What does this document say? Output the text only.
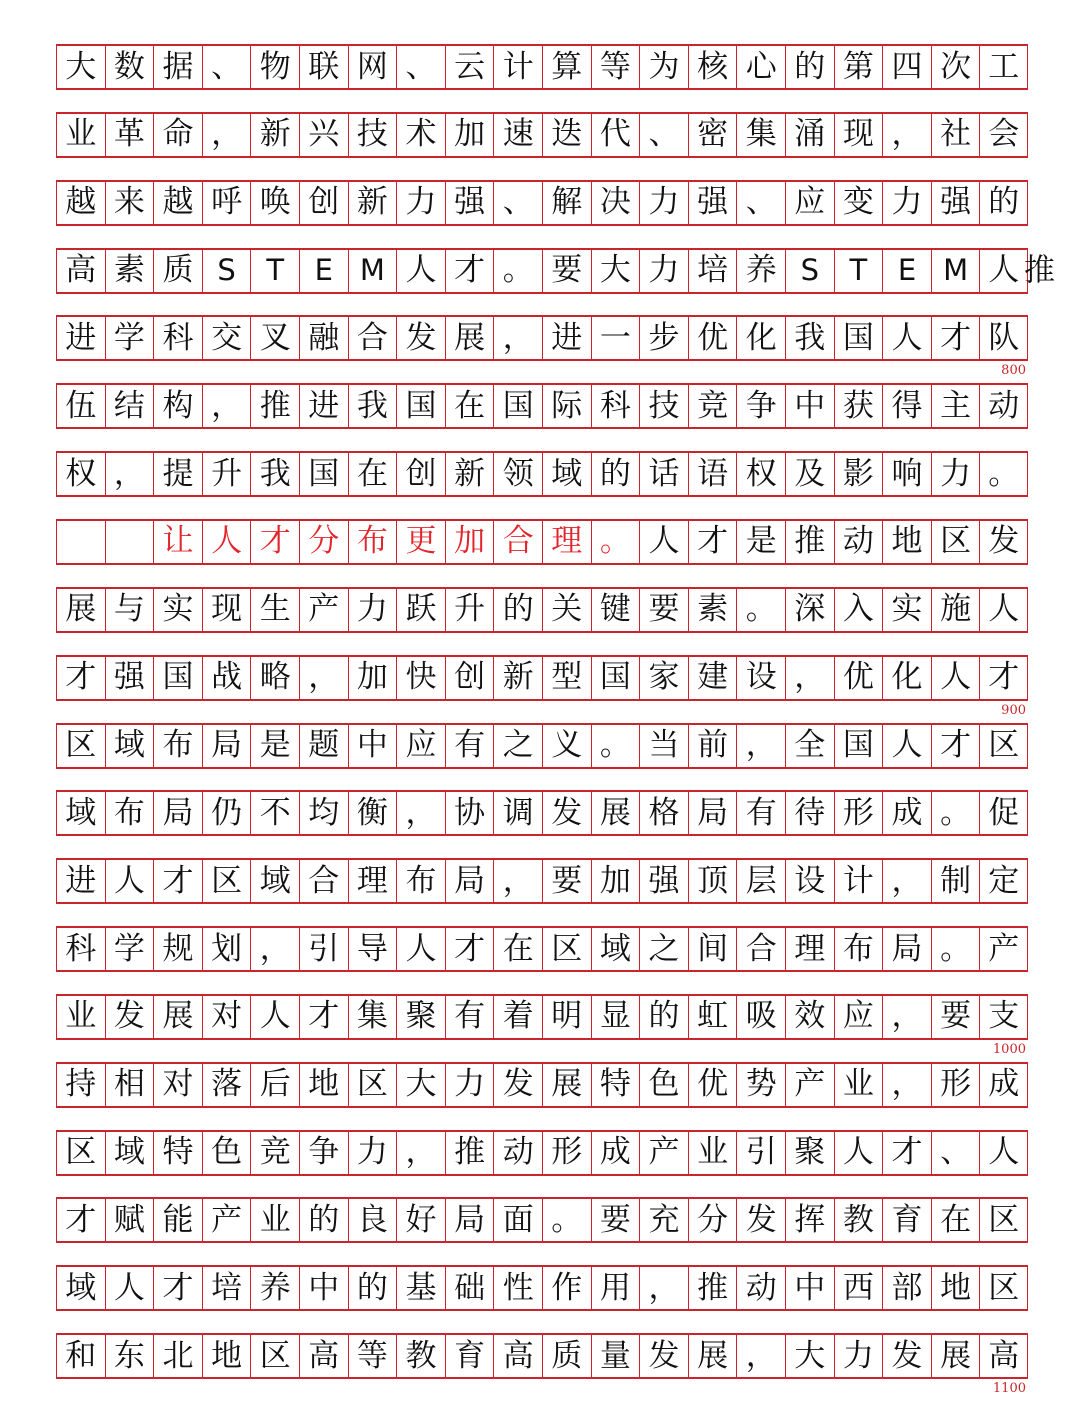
大 数 据 、 物 联 网 、 云 计 算 等 为 核 心 的 第 四 次 工
业 革 命 ， 新 兴 技 术 加 速 迭 代 、 密 集 涌 现 ， 社 会
越 来 越 呼 唤 创 新 力 强 、 解 决 力 强 、 应 变 力 强 的
高 素 质 S	T	E M 人 才 。 要 大 力 培 养 S	T	E M 人 推
进 学 科 交 叉 融 合 发 展 ， 进 一 步 优 化 我 国 人 才 队
800
伍 结 构 ， 推 进 我 国 在 国 际 科 技 竞 争 中 获 得 主 动
权 ， 提 升 我 国 在 创 新 领 域 的 话 语 权 及 影 响 力 。
让 人 才 分 布 更 加 合 理 。 人 才 是 推 动 地 区 发
展 与 实 现 生 产 力 跃 升 的 关 键 要 素 。 深 入 实 施 人
才 强 国 战 略 ， 加 快 创 新 型 国 家 建 设 ， 优 化 人 才
900
区 域 布 局 是 题 中 应 有 之 义 。 当 前 ， 全 国 人 才 区
域 布 局 仍 不 均 衡 ， 协 调 发 展 格 局 有 待 形 成 。 促
进 人 才 区 域 合 理 布 局 ， 要 加 强 顶 层 设 计 ， 制 定
科 学 规 划 ， 引 导 人 才 在 区 域 之 间 合 理 布 局 。 产
业 发 展 对 人 才 集 聚 有 着 明 显 的 虹 吸 效 应 ， 要 支
1000
持 相 对 落 后 地 区 大 力 发 展 特 色 优 势 产 业 ， 形 成
区 域 特 色 竞 争 力 ， 推 动 形 成 产 业 引 聚 人 才 、 人
才 赋 能 产 业 的 良 好 局 面 。 要 充 分 发 挥 教 育 在 区
域 人 才 培 养 中 的 基 础 性 作 用 ， 推 动 中 西 部 地 区
和 东 北 地 区 高 等 教 育 高 质 量 发 展 ， 大 力 发 展 高
1100
